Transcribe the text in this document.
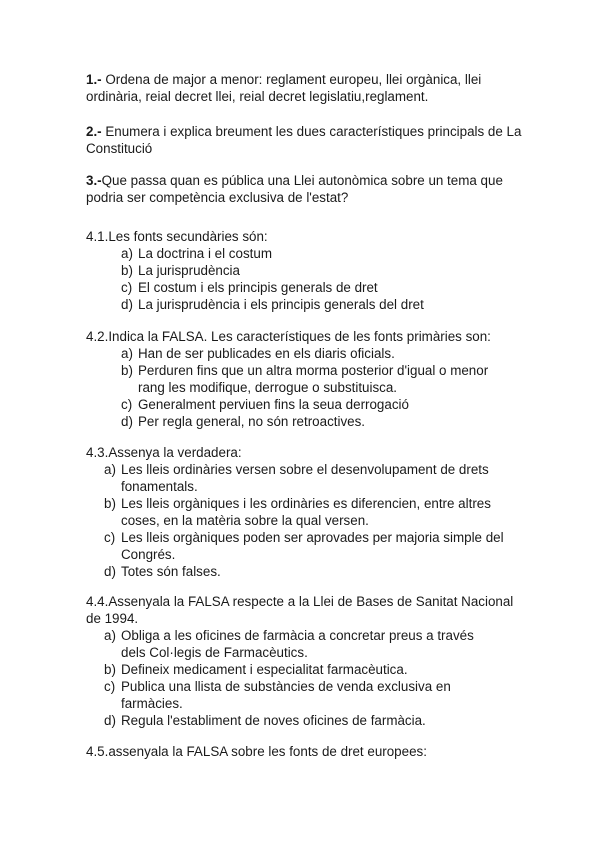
1.- Ordena de major a menor: reglament europeu, llei orgànica, llei ordinària, reial decret llei, reial decret legislatiu,reglament.

2.- Enumera i explica breument les dues característiques principals de La Constitució

3.-Que passa quan es pública una Llei autonòmica sobre un tema que podria ser competència exclusiva de l'estat?

4.1.Les fonts secundàries són:

a) La doctrina i el costum
b) La jurisprudència
c) El costum i els principis generals de dret
d) La jurisprudència i els principis generals del dret

4.2.Indica la FALSA. Les característiques de les fonts primàries son:

a) Han de ser publicades en els diaris oficials.
b) Perduren fins que un altra morma posterior d'igual o menor rang les modifique, derrogue o substituisca.
c) Generalment perviuen fins la seua derrogació
d) Per regla general, no són retroactives.

4.3.Assenya la verdadera:

a) Les lleis ordinàries versen sobre el desenvolupament de drets fonamentals.
b) Les lleis orgàniques i les ordinàries es diferencien, entre altres coses, en la matèria sobre la qual versen.
c) Les lleis orgàniques poden ser aprovades per majoria simple del Congrés.
d) Totes són falses.

4.4.Assenyala la FALSA respecte a la Llei de Bases de Sanitat Nacional de 1994.

a) Obliga a les oficines de farmàcia a concretar preus a través dels Col·legis de Farmacèutics.
b) Defineix medicament i especialitat farmacèutica.
c) Publica una llista de substàncies de venda exclusiva en farmàcies.
d) Regula l'establiment de noves oficines de farmàcia.

4.5.assenyala la FALSA sobre les fonts de dret europees:
